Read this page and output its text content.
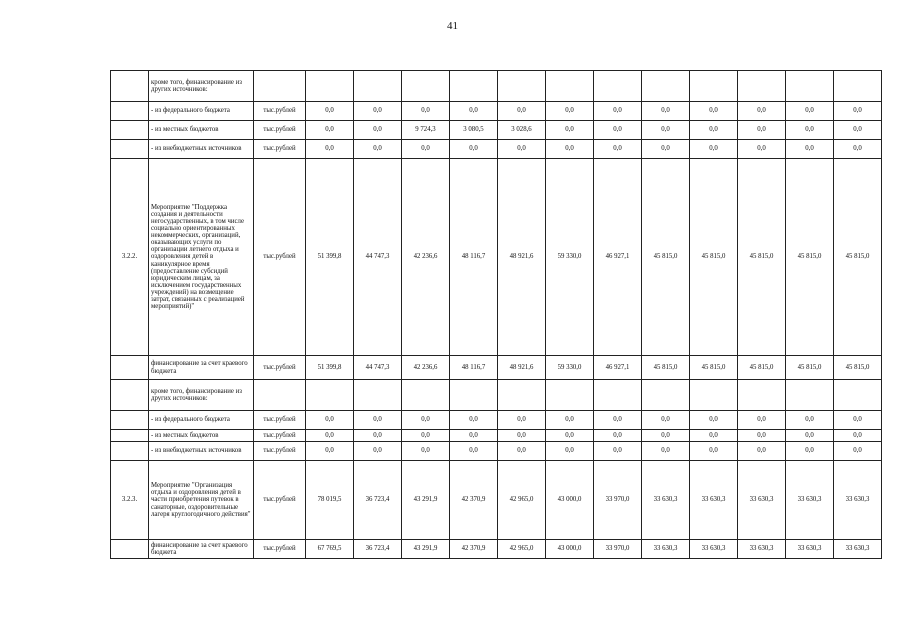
41
	кроме того, финансирование из других источников:													
	- из федерального бюджета	тыс.рублей	0,0	0,0	0,0	0,0	0,0	0,0	0,0	0,0	0,0	0,0	0,0	0,0
	- из местных бюджетов	тыс.рублей	0,0	0,0	9 724,3	3 080,5	3 028,6	0,0	0,0	0,0	0,0	0,0	0,0	0,0
	- из внебюджетных источников	тыс.рублей	0,0	0,0	0,0	0,0	0,0	0,0	0,0	0,0	0,0	0,0	0,0	0,0
3.2.2.	Мероприятие "Поддержка создания и деятельности негосударственных, в том числе социально ориентированных некоммерческих, организаций, оказывающих услуги по организации летнего отдыха и оздоровления детей в каникулярное время (предоставление субсидий юридическим лицам, за исключением государственных учреждений) на возмещение затрат, связанных с реализацией мероприятий)"	тыс.рублей	51 399,8	44 747,3	42 236,6	48 116,7	48 921,6	59 330,0	46 927,1	45 815,0	45 815,0	45 815,0	45 815,0	45 815,0
	финансирование за счет краевого бюджета	тыс.рублей	51 399,8	44 747,3	42 236,6	48 116,7	48 921,6	59 330,0	46 927,1	45 815,0	45 815,0	45 815,0	45 815,0	45 815,0
	кроме того, финансирование из других источников:													
	- из федерального бюджета	тыс.рублей	0,0	0,0	0,0	0,0	0,0	0,0	0,0	0,0	0,0	0,0	0,0	0,0
	- из местных бюджетов	тыс.рублей	0,0	0,0	0,0	0,0	0,0	0,0	0,0	0,0	0,0	0,0	0,0	0,0
	- из внебюджетных источников	тыс.рублей	0,0	0,0	0,0	0,0	0,0	0,0	0,0	0,0	0,0	0,0	0,0	0,0
3.2.3.	Мероприятие "Организация отдыха и оздоровления детей в части приобретения путевок в санаторные, оздоровительные лагеря круглогодичного действия"	тыс.рублей	78 019,5	36 723,4	43 291,9	42 370,9	42 965,0	43 000,0	33 970,0	33 630,3	33 630,3	33 630,3	33 630,3	33 630,3
	финансирование за счет краевого бюджета	тыс.рублей	67 769,5	36 723,4	43 291,9	42 370,9	42 965,0	43 000,0	33 970,0	33 630,3	33 630,3	33 630,3	33 630,3	33 630,3
